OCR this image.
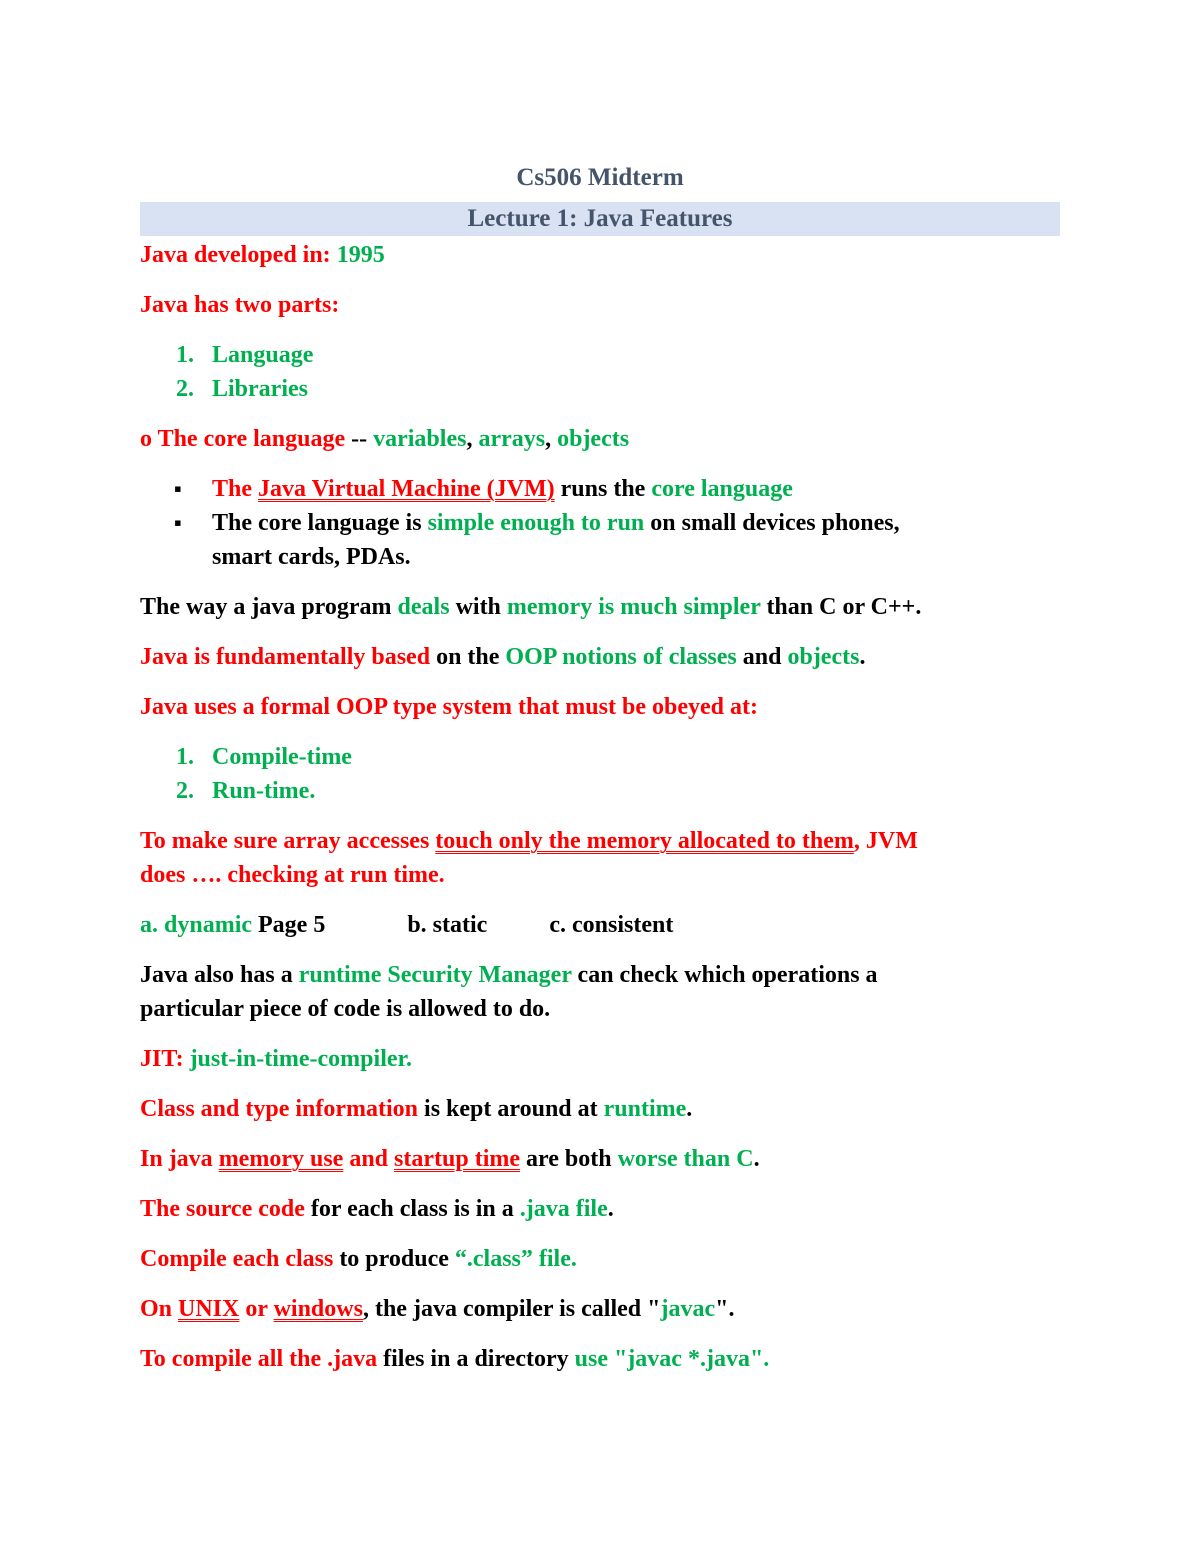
Cs506 Midterm
Lecture 1: Java Features

Java developed in: 1995

Java has two parts:

1. Language
2. Libraries

o The core language -- variables, arrays, objects

▪ The Java Virtual Machine (JVM) runs the core language
▪ The core language is simple enough to run on small devices phones,
smart cards, PDAs.

The way a java program deals with memory is much simpler than C or C++.

Java is fundamentally based on the OOP notions of classes and objects.

Java uses a formal OOP type system that must be obeyed at:

1. Compile-time
2. Run-time.

To make sure array accesses touch only the memory allocated to them, JVM
does …. checking at run time.

a. dynamic Page 5	b. static	c. consistent

Java also has a runtime Security Manager can check which operations a
particular piece of code is allowed to do.

JIT: just-in-time-compiler.

Class and type information is kept around at runtime.

In java memory use and startup time are both worse than C.

The source code for each class is in a .java file.

Compile each class to produce “.class” file.

On UNIX or windows, the java compiler is called "javac".

To compile all the .java files in a directory use "javac *.java".
